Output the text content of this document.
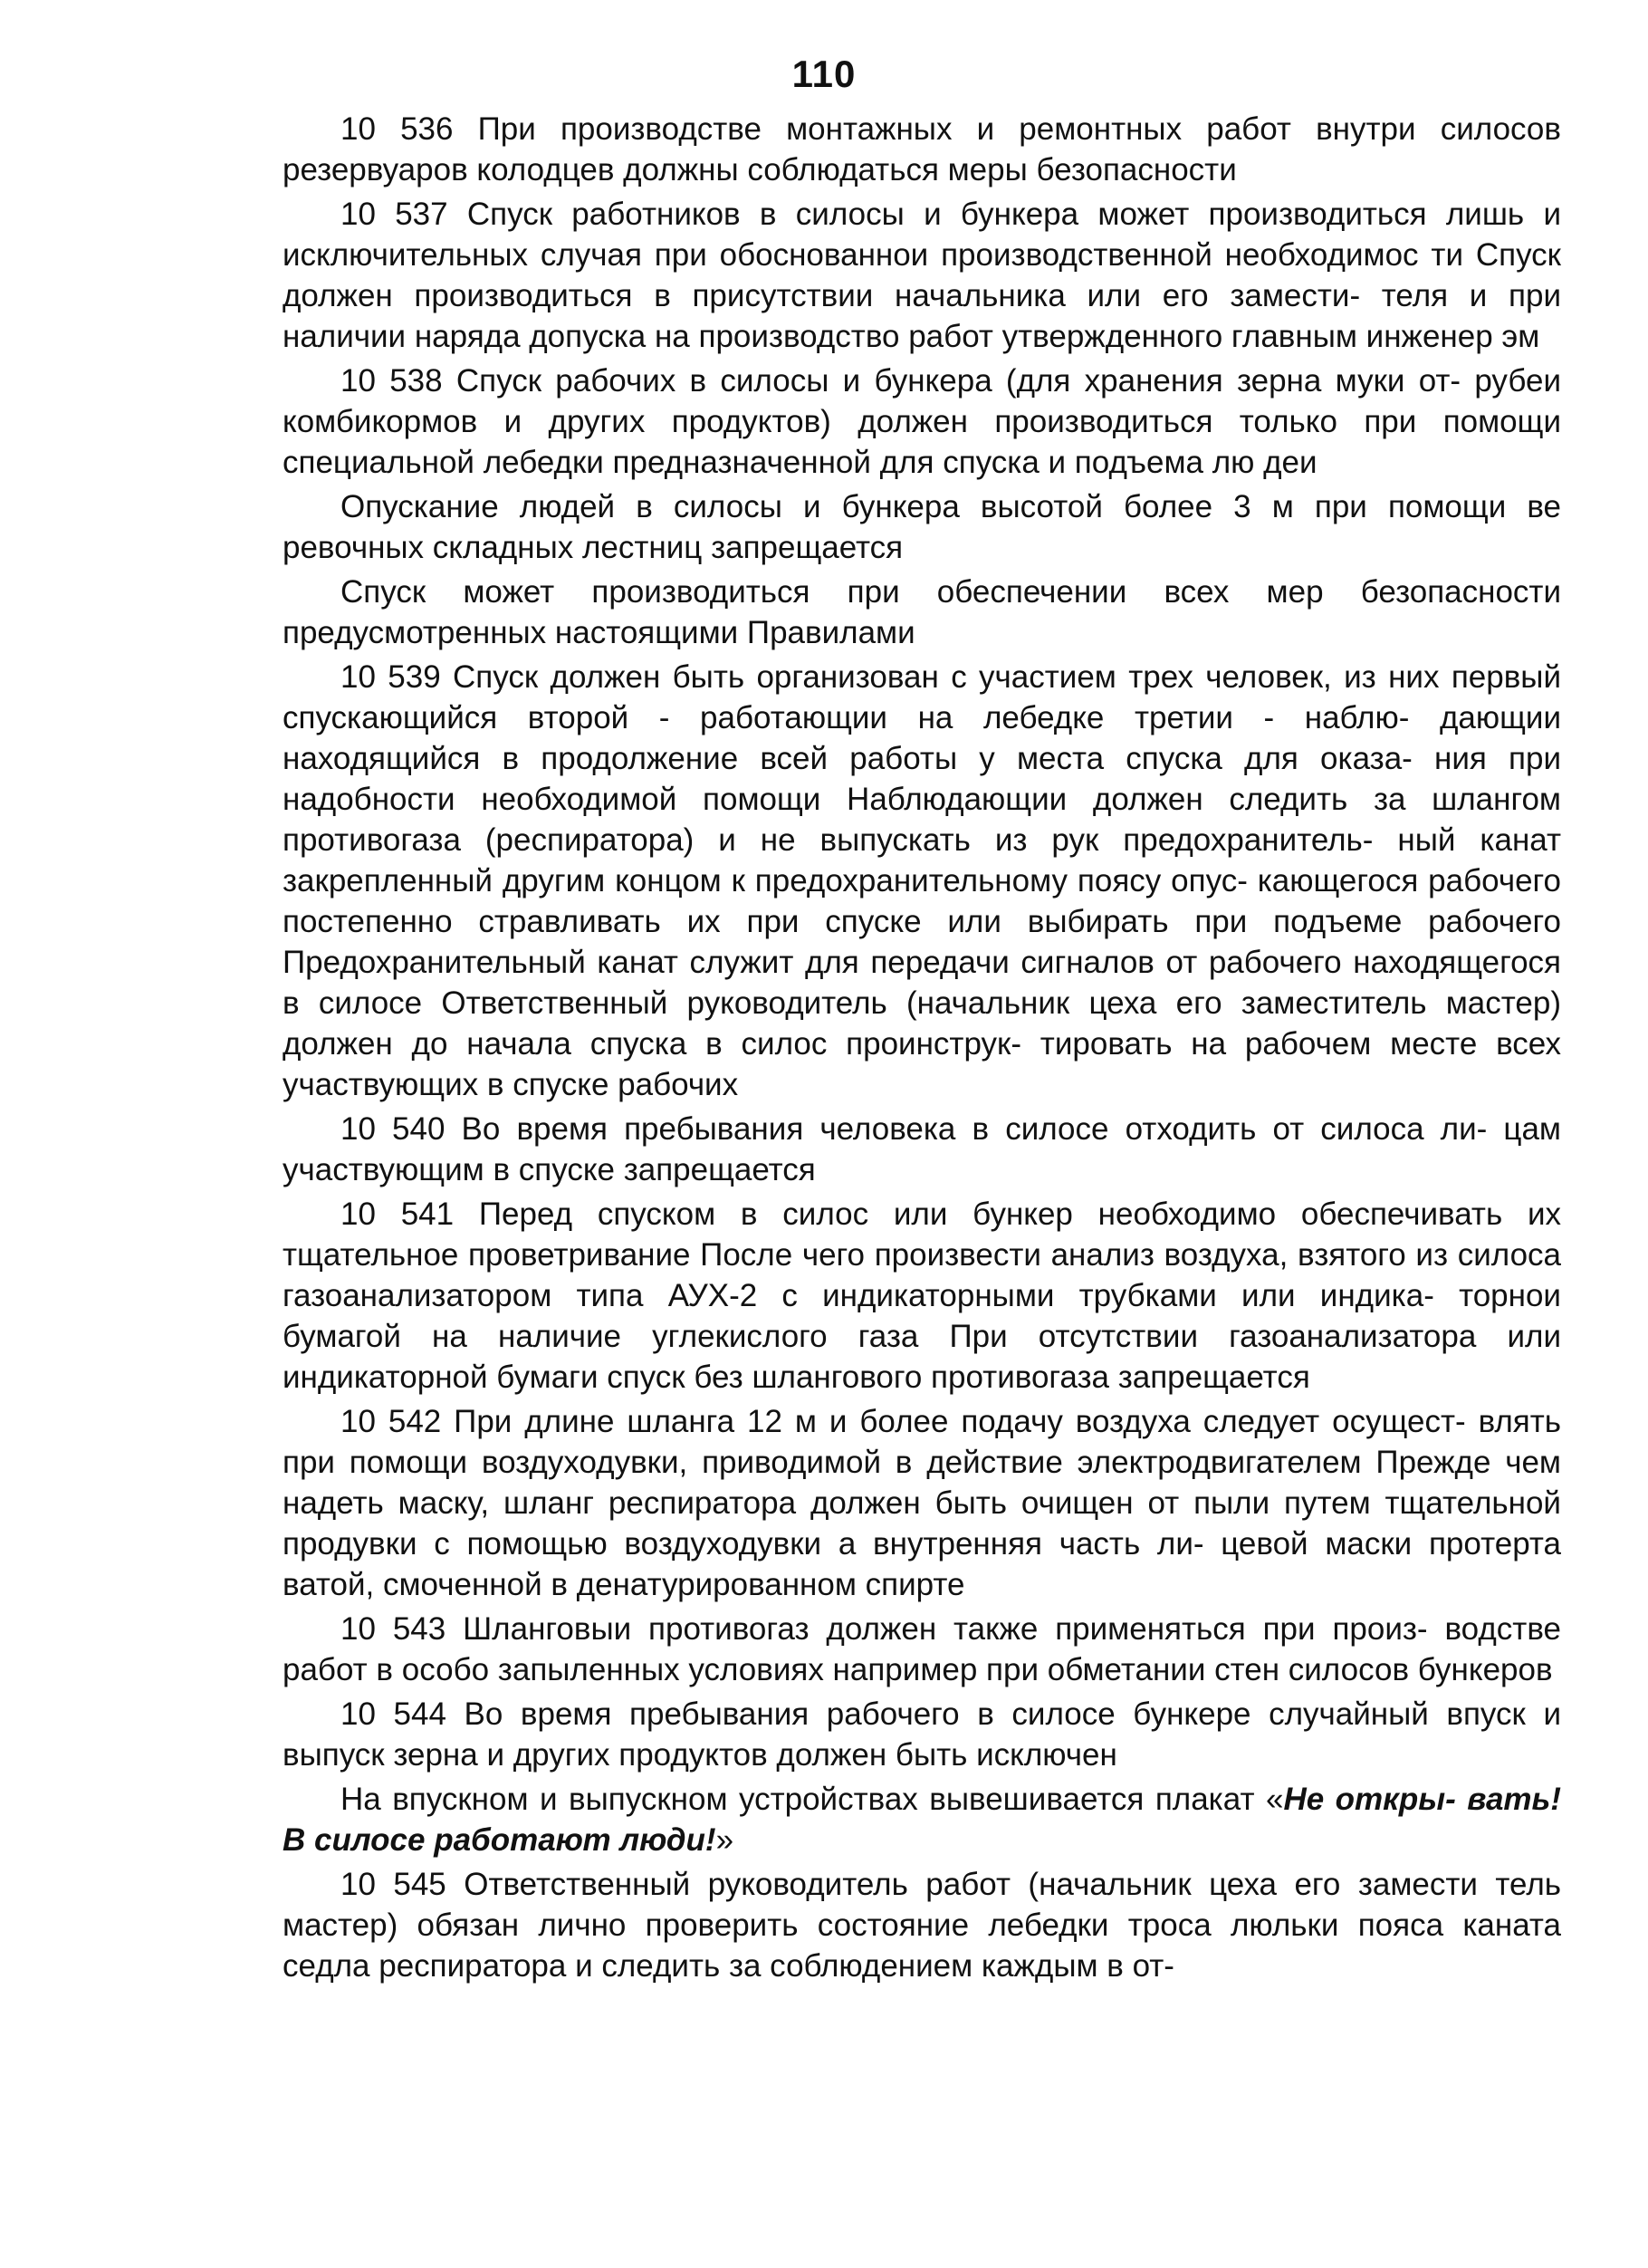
110

10 536 При производстве монтажных и ремонтных работ внутри силосов резервуаров колодцев должны соблюдаться меры безопасности

10 537 Спуск работников в силосы и бункера может производиться лишь и исключительных случая при обоснованнои производственной необходимос ти Спуск должен производиться в присутствии начальника или его замести- теля и при наличии наряда допуска на производство работ утвержденного главным инженер эм

10 538 Спуск рабочих в силосы и бункера (для хранения зерна муки от- рубеи комбикормов и других продуктов) должен производиться только при помощи специальной лебедки предназначенной для спуска и подъема лю деи

Опускание людей в силосы и бункера высотой более 3 м при помощи ве ревочных складных лестниц запрещается

Спуск может производиться при обеспечении всех мер безопасности предусмотренных настоящими Правилами

10 539 Спуск должен быть организован с участием трех человек, из них первый спускающийся второй - работающии на лебедке третии - наблю- дающии находящийся в продолжение всей работы у места спуска для оказа- ния при надобности необходимой помощи Наблюдающии должен следить за шлангом противогаза (респиратора) и не выпускать из рук предохранитель- ный канат закрепленный другим концом к предохранительному поясу опус- кающегося рабочего постепенно стравливать их при спуске или выбирать при подъеме рабочего Предохранительный канат служит для передачи сигналов от рабочего находящегося в силосе Ответственный руководитель (начальник цеха его заместитель мастер) должен до начала спуска в силос проинструк- тировать на рабочем месте всех участвующих в спуске рабочих

10 540 Во время пребывания человека в силосе отходить от силоса ли- цам участвующим в спуске запрещается

10 541 Перед спуском в силос или бункер необходимо обеспечивать их тщательное проветривание После чего произвести анализ воздуха, взятого из силоса газоанализатором типа АУХ-2 с индикаторными трубками или индика- торнои бумагой на наличие углекислого газа При отсутствии газоанализатора или индикаторной бумаги спуск без шлангового противогаза запрещается

10 542 При длине шланга 12 м и более подачу воздуха следует осущест- влять при помощи воздуходувки, приводимой в действие электродвигателем Прежде чем надеть маску, шланг респиратора должен быть очищен от пыли путем тщательной продувки с помощью воздуходувки а внутренняя часть ли- цевой маски протерта ватой, смоченной в денатурированном спирте

10 543 Шланговыи противогаз должен также применяться при произ- водстве работ в особо запыленных условиях например при обметании стен силосов бункеров

10 544 Во время пребывания рабочего в силосе бункере случайный впуск и выпуск зерна и других продуктов должен быть исключен

На впускном и выпускном устройствах вывешивается плакат «Не откры- вать! В силосе работают люди!»

10 545 Ответственный руководитель работ (начальник цеха его замести тель мастер) обязан лично проверить состояние лебедки троса люльки пояса каната седла респиратора и следить за соблюдением каждым в от-
